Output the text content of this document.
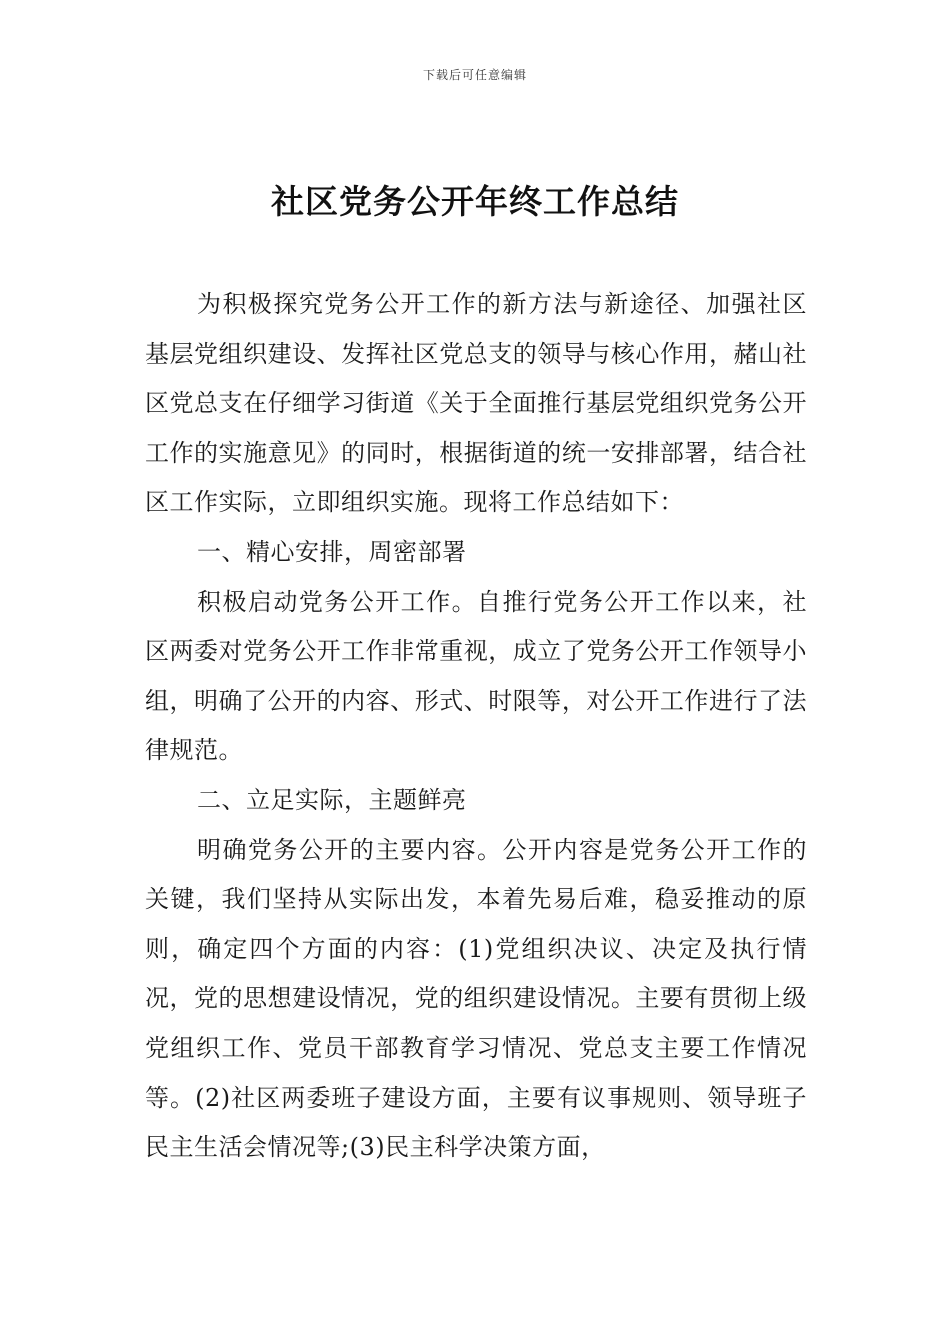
下载后可任意编辑
社区党务公开年终工作总结

为积极探究党务公开工作的新方法与新途径、加强社区基层党组织建设、发挥社区党总支的领导与核心作用，赭山社区党总支在仔细学习街道《关于全面推行基层党组织党务公开工作的实施意见》的同时，根据街道的统一安排部署，结合社区工作实际，立即组织实施。现将工作总结如下：

一、精心安排，周密部署

积极启动党务公开工作。自推行党务公开工作以来，社区两委对党务公开工作非常重视，成立了党务公开工作领导小组，明确了公开的内容、形式、时限等，对公开工作进行了法律规范。

二、立足实际，主题鲜亮

明确党务公开的主要内容。公开内容是党务公开工作的关键，我们坚持从实际出发，本着先易后难，稳妥推动的原则，确定四个方面的内容：(1)党组织决议、决定及执行情况，党的思想建设情况，党的组织建设情况。主要有贯彻上级党组织工作、党员干部教育学习情况、党总支主要工作情况等。(2)社区两委班子建设方面，主要有议事规则、领导班子民主生活会情况等;(3)民主科学决策方面，
